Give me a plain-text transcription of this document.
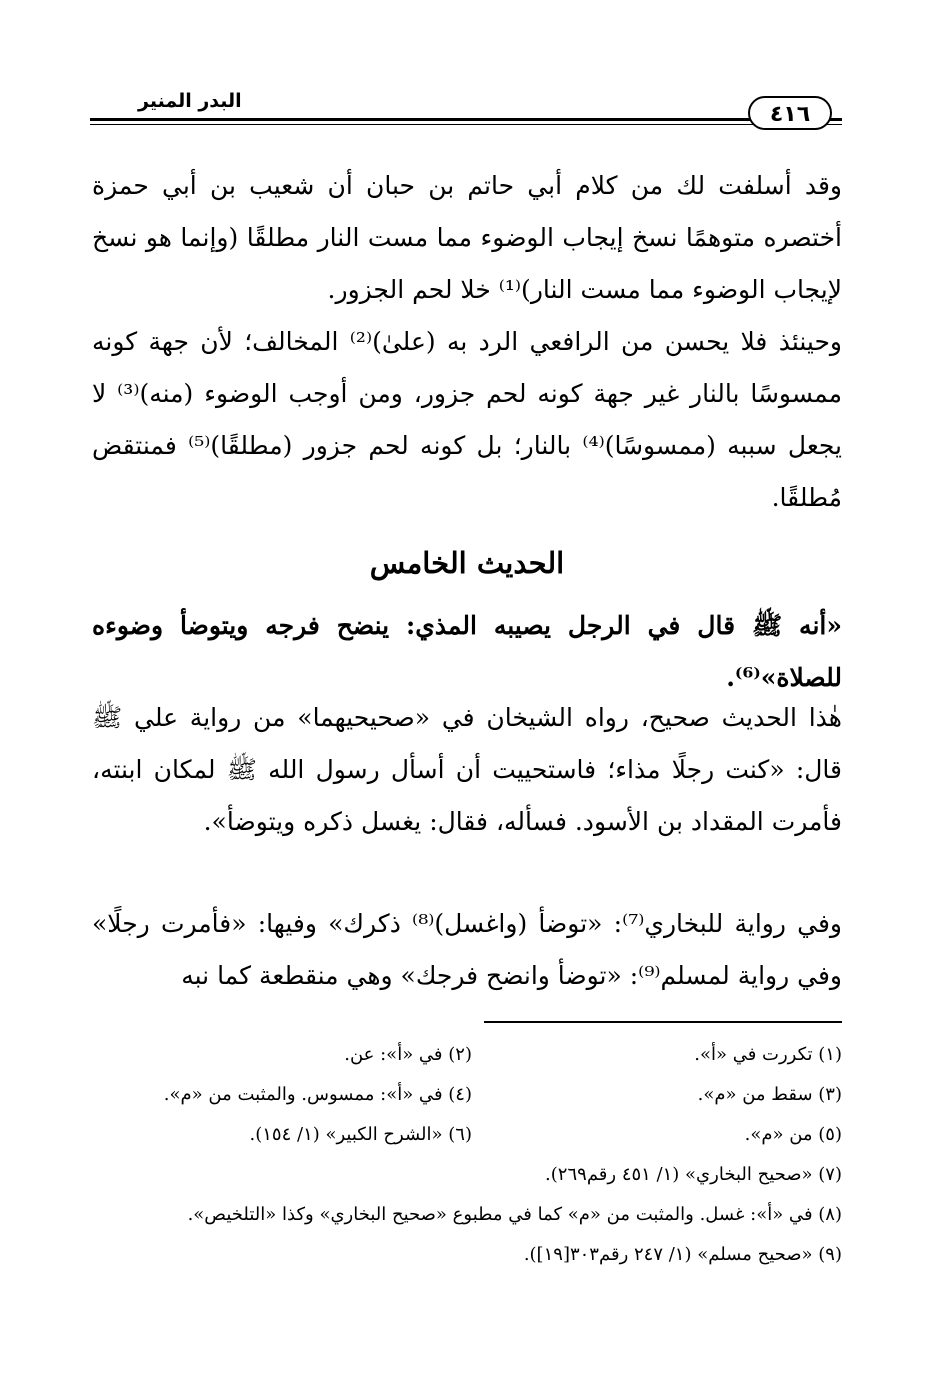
البدر المنير
٤١٦

وقد أسلفت لك من كلام أبي حاتم بن حبان أن شعيب بن أبي حمزة أختصره متوهمًا نسخ إيجاب الوضوء مما مست النار مطلقًا (وإنما هو نسخ لإيجاب الوضوء مما مست النار)⁽¹⁾ خلا لحم الجزور.

وحينئذ فلا يحسن من الرافعي الرد به (علىٰ)⁽²⁾ المخالف؛ لأن جهة كونه ممسوسًا بالنار غير جهة كونه لحم جزور، ومن أوجب الوضوء (منه)⁽³⁾ لا يجعل سببه (ممسوسًا)⁽⁴⁾ بالنار؛ بل كونه لحم جزور (مطلقًا)⁽⁵⁾ فمنتقض مُطلقًا.

الحديث الخامس

«أنه ﷺ قال في الرجل يصيبه المذي: ينضح فرجه ويتوضأ وضوءه للصلاة»⁽⁶⁾.

هٰذا الحديث صحيح، رواه الشيخان في «صحيحيهما» من رواية علي ﷺ قال: «كنت رجلًا مذاء؛ فاستحييت أن أسأل رسول الله ﷺ لمكان ابنته، فأمرت المقداد بن الأسود. فسأله، فقال: يغسل ذكره ويتوضأ».

وفي رواية للبخاري⁽⁷⁾: «توضأ (واغسل)⁽⁸⁾ ذكرك» وفيها: «فأمرت رجلًا» وفي رواية لمسلم⁽⁹⁾: «توضأ وانضح فرجك» وهي منقطعة كما نبه

(١) تكررت في «أ».
(٢) في «أ»: عن.
(٣) سقط من «م».
(٤) في «أ»: ممسوس. والمثبت من «م».
(٥) من «م».
(٦) «الشرح الكبير» (١/ ١٥٤).
(٧) «صحيح البخاري» (١/ ٤٥١ رقم٢٦٩).
(٨) في «أ»: غسل. والمثبت من «م» كما في مطبوع «صحيح البخاري» وكذا «التلخيص».
(٩) «صحيح مسلم» (١/ ٢٤٧ رقم٣٠٣[١٩]).
